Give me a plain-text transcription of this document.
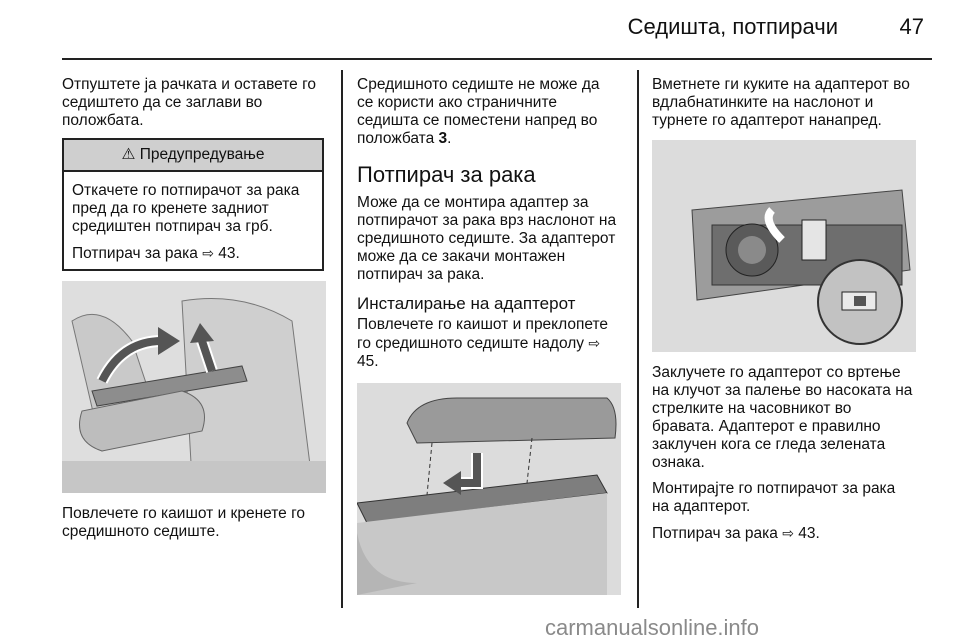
Седишта, потпирачи	47

Отпуштете ја рачката и оставете го седиштето да се заглави во положбата.

⚠ Предупредување

Откачете го потпирачот за рака пред да го кренете задниот средиштен потпирач за грб.

Потпирач за рака ⇨ 43.

Повлечете го каишот и кренете го средишното седиште.

Средишното седиште не може да се користи ако страничните седишта се поместени напред во положбата 3.

Потпирач за рака

Може да се монтира адаптер за потпирачот за рака врз наслонот на средишното седиште. За адаптерот може да се закачи монтажен потпирач за рака.

Инсталирање на адаптерот

Повлечете го каишот и преклопете го средишното седиште надолу ⇨ 45.

Вметнете ги куките на адаптерот во вдлабнатинките на наслонот и турнете го адаптерот нанапред.

Заклучете го адаптерот со вртење на клучот за палење во насоката на стрелките на часовникот во бравата. Адаптерот е правилно заклучен кога се гледа зелената ознака.

Монтирајте го потпирачот за рака на адаптерот.

Потпирач за рака ⇨ 43.

carmanualsonline.info
